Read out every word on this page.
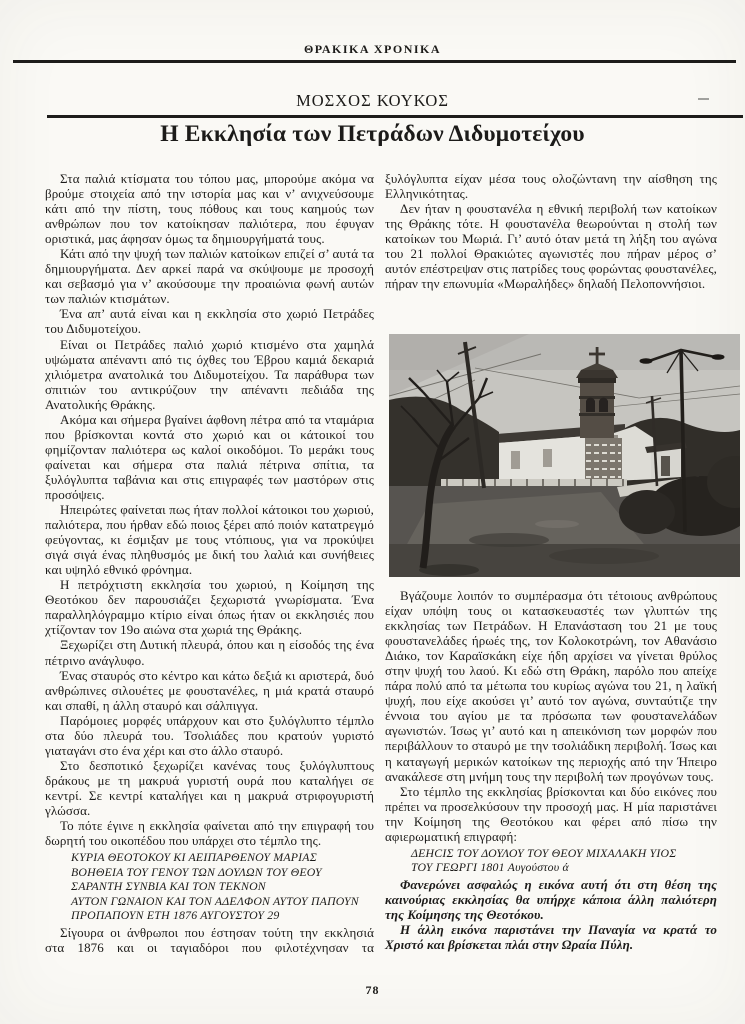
ΘΡΑΚΙΚΑ ΧΡΟΝΙΚΑ
ΜΟΣΧΟΣ ΚΟΥΚΟΣ
Η Εκκλησία των Πετράδων Διδυμοτείχου

Στα παλιά κτίσματα του τόπου μας, μπορούμε ακόμα να βρούμε στοιχεία από την ιστορία μας και ν’ ανιχνεύσουμε κάτι από την πίστη, τους πόθους και τους καημούς των ανθρώπων που τον κατοίκησαν παλιότερα, που έφυγαν οριστικά, μας άφησαν όμως τα δημιουργήματά τους.

Κάτι από την ψυχή των παλιών κατοίκων επιζεί σ’ αυτά τα δημιουργήματα. Δεν αρκεί παρά να σκύψουμε με προσοχή και σεβασμό για ν’ ακούσουμε την προαιώνια φωνή αυτών των παλιών κτισμάτων.

Ένα απ’ αυτά είναι και η εκκλησία στο χωριό Πετράδες του Διδυμοτείχου.

Είναι οι Πετράδες παλιό χωριό κτισμένο στα χαμηλά υψώματα απέναντι από τις όχθες του Έβρου καμιά δεκαριά χιλιόμετρα ανατολικά του Διδυμοτείχου. Τα παράθυρα των σπιτιών του αντικρύζουν την απέναντι πεδιάδα της Ανατολικής Θράκης.

Ακόμα και σήμερα βγαίνει άφθονη πέτρα από τα νταμάρια που βρίσκονται κοντά στο χωριό και οι κάτοικοί του φημίζονταν παλιότερα ως καλοί οικοδόμοι. Το μεράκι τους φαίνεται και σήμερα στα παλιά πέτρινα σπίτια, τα ξυλόγλυπτα ταβάνια και στις επιγραφές των μαστόρων στις προσόψεις.

Ηπειρώτες φαίνεται πως ήταν πολλοί κάτοικοι του χωριού, παλιότερα, που ήρθαν εδώ ποιος ξέρει από ποιόν κατατρεγμό φεύγοντας, κι έσμιξαν με τους ντόπιους, για να προκύψει σιγά σιγά ένας πληθυσμός με δική του λαλιά και συνήθειες και υψηλό εθνικό φρόνημα.

Η πετρόχτιστη εκκλησία του χωριού, η Κοίμηση της Θεοτόκου δεν παρουσιάζει ξεχωριστά γνωρίσματα. Ένα παραλληλόγραμμο κτίριο είναι όπως ήταν οι εκκλησιές που χτίζονταν τον 19ο αιώνα στα χωριά της Θράκης.

Ξεχωρίζει στη Δυτική πλευρά, όπου και η είσοδός της ένα πέτρινο ανάγλυφο.

Ένας σταυρός στο κέντρο και κάτω δεξιά κι αριστερά, δυό ανθρώπινες σιλουέτες με φουστανέλες, η μιά κρατά σταυρό και σπαθί, η άλλη σταυρό και σάλπιγγα.

Παρόμοιες μορφές υπάρχουν και στο ξυλόγλυπτο τέμπλο στα δύο πλευρά του. Τσολιάδες που κρατούν γυριστό γιαταγάνι στο ένα χέρι και στο άλλο σταυρό.

Στο δεσποτικό ξεχωρίζει κανένας τους ξυλόγλυπτους δράκους με τη μακρυά γυριστή ουρά που καταλήγει σε κεντρί. Σε κεντρί καταλήγει και η μακρυά στριφογυριστή γλώσσα.

Το πότε έγινε η εκκλησία φαίνεται από την επιγραφή του δωρητή του οικοπέδου που υπάρχει στο τέμπλο της.

ΚΥΡΙΑ ΘΕΟΤΟΚΟΥ ΚΙ ΑΕΙΠΑΡΘΕΝΟΥ ΜΑΡΙΑΣ
ΒΟΗΘΕΙΑ ΤΟΥ ΓΕΝΟΥ ΤΩΝ ΔΟΥΛΩΝ ΤΟΥ ΘΕΟΥ
ΣΑΡΑΝΤΗ ΣΥΝΒΙΑ ΚΑΙ ΤΟΝ ΤΕΚΝΟΝ
ΑΥΤΟΝ ΓΩΝΑΙΟΝ ΚΑΙ ΤΟΝ ΑΔΕΛΦΟΝ ΑΥΤΟΥ ΠΑΠΟΥΝ
ΠΡΟΠΑΠΟΥΝ ΕΤΗ 1876 ΑΥΓΟΥΣΤΟΥ 29

Σίγουρα οι άνθρωποι που έστησαν τούτη την εκκλησιά στα 1876 και οι ταγιαδόροι που φιλοτέχνησαν τα

ξυλόγλυπτα είχαν μέσα τους ολοζώντανη την αίσθηση της Ελληνικότητας.

Δεν ήταν η φουστανέλα η εθνική περιβολή των κατοίκων της Θράκης τότε. Η φουστανέλα θεωρούνται η στολή των κατοίκων του Μωριά. Γι’ αυτό όταν μετά τη λήξη του αγώνα του 21 πολλοί Θρακιώτες αγωνιστές που πήραν μέρος σ’ αυτόν επέστρεψαν στις πατρίδες τους φορώντας φουστανέλες, πήραν την επωνυμία «Μωραλήδες» δηλαδή Πελοποννήσιοι.

Βγάζουμε λοιπόν το συμπέρασμα ότι τέτοιους ανθρώπους είχαν υπόψη τους οι κατασκευαστές των γλυπτών της εκκλησίας των Πετράδων. Η Επανάσταση του 21 με τους φουστανελάδες ήρωές της, τον Κολοκοτρώνη, τον Αθανάσιο Διάκο, τον Καραϊσκάκη είχε ήδη αρχίσει να γίνεται θρύλος στην ψυχή του λαού. Κι εδώ στη Θράκη, παρόλο που απείχε πάρα πολύ από τα μέτωπα του κυρίως αγώνα του 21, η λαϊκή ψυχή, που είχε ακούσει γι’ αυτό τον αγώνα, συνταύτιζε την έννοια του αγίου με τα πρόσωπα των φουστανελάδων αγωνιστών. Ίσως γι’ αυτό και η απεικόνιση των μορφών που περιβάλλουν το σταυρό με την τσολιάδικη περιβολή. Ίσως και η καταγωγή μερικών κατοίκων της περιοχής από την Ήπειρο ανακάλεσε στη μνήμη τους την περιβολή των προγόνων τους.

Στο τέμπλο της εκκλησίας βρίσκονται και δύο εικόνες που πρέπει να προσελκύσουν την προσοχή μας. Η μία παριστάνει την Κοίμηση της Θεοτόκου και φέρει από πίσω την αφιερωματική επιγραφή:

ΔΕΗCΙΣ ΤΟΥ ΔΟΥΛΟΥ ΤΟΥ ΘΕΟΥ ΜΙΧΑΛΑΚΗ ΥΙΟΣ
ΤΟΥ ΓΕΩΡΓΙ 1801 Αυγούστου ά

Φανερώνει ασφαλώς η εικόνα αυτή ότι στη θέση της καινούριας εκκλησίας θα υπήρχε κάποια άλλη παλιότερη της Κοίμησης της Θεοτόκου.

Η άλλη εικόνα παριστάνει την Παναγία να κρατά το Χριστό και βρίσκεται πλάι στην Ωραία Πύλη.

78
